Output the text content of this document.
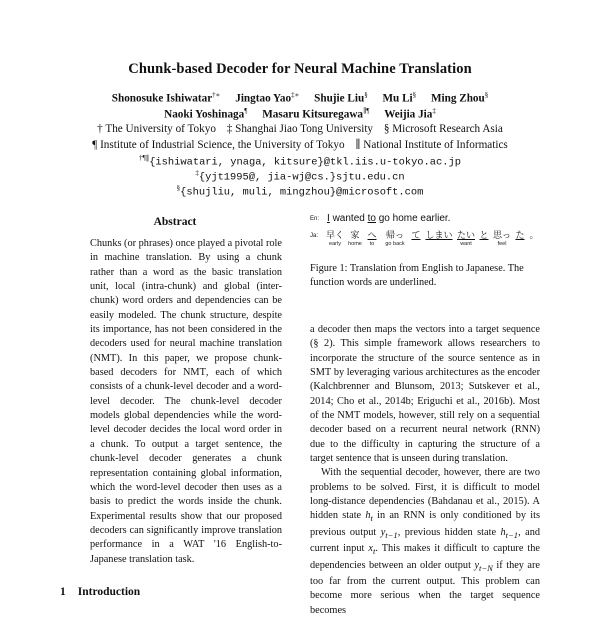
Chunk-based Decoder for Neural Machine Translation
Shonosuke Ishiwatar†∗ Jingtao Yao‡∗ Shujie Liu§ Mu Li§ Ming Zhou§
Naoki Yoshinaga¶ Masaru Kitsuregawa∥¶ Weijia Jia‡
† The University of Tokyo ‡ Shanghai Jiao Tong University § Microsoft Research Asia
¶ Institute of Industrial Science, the University of Tokyo ∥ National Institute of Informatics
†¶∥{ishiwatari, ynaga, kitsure}@tkl.iis.u-tokyo.ac.jp
‡{yjt1995@, jia-wj@cs.}sjtu.edu.cn
§{shujliu, muli, mingzhou}@microsoft.com
Abstract

Chunks (or phrases) once played a pivotal role in machine translation. By using a chunk rather than a word as the basic translation unit, local (intra-chunk) and global (inter-chunk) word orders and dependencies can be easily modeled. The chunk structure, despite its importance, has not been considered in the decoders used for neural machine translation (NMT). In this paper, we propose chunk-based decoders for NMT, each of which consists of a chunk-level decoder and a word-level decoder. The chunk-level decoder models global dependencies while the word-level decoder decides the local word order in a chunk. To output a target sentence, the chunk-level decoder generates a chunk representation containing global information, which the word-level decoder then uses as a basis to predict the words inside the chunk. Experimental results show that our proposed decoders can significantly improve translation performance in a WAT '16 English-to-Japanese translation task.

1 Introduction
En: I wanted to go home earlier.
Ja: 早く
early
家
home
へ
to
帰っ
go back
て しまい たい
want
と 思っ
feel
た 。

Figure 1: Translation from English to Japanese. The function words are underlined.

a decoder then maps the vectors into a target sequence (§ 2). This simple framework allows researchers to incorporate the structure of the source sentence as in SMT by leveraging various architectures as the encoder (Kalchbrenner and Blunsom, 2013; Sutskever et al., 2014; Cho et al., 2014b; Eriguchi et al., 2016b). Most of the NMT models, however, still rely on a sequential decoder based on a recurrent neural network (RNN) due to the difficulty in capturing the structure of a target sentence that is unseen during translation.

With the sequential decoder, however, there are two problems to be solved. First, it is difficult to model long-distance dependencies (Bahdanau et al., 2015). A hidden state $h_t$ in an RNN is only conditioned by its previous output $y_{t-1}$, previous hidden state $h_{t-1}$, and current input $x_t$. This makes it difficult to capture the dependencies between an older output $y_{t-N}$ if they are too far from the current output. This problem can become more serious when the target sequence becomes
